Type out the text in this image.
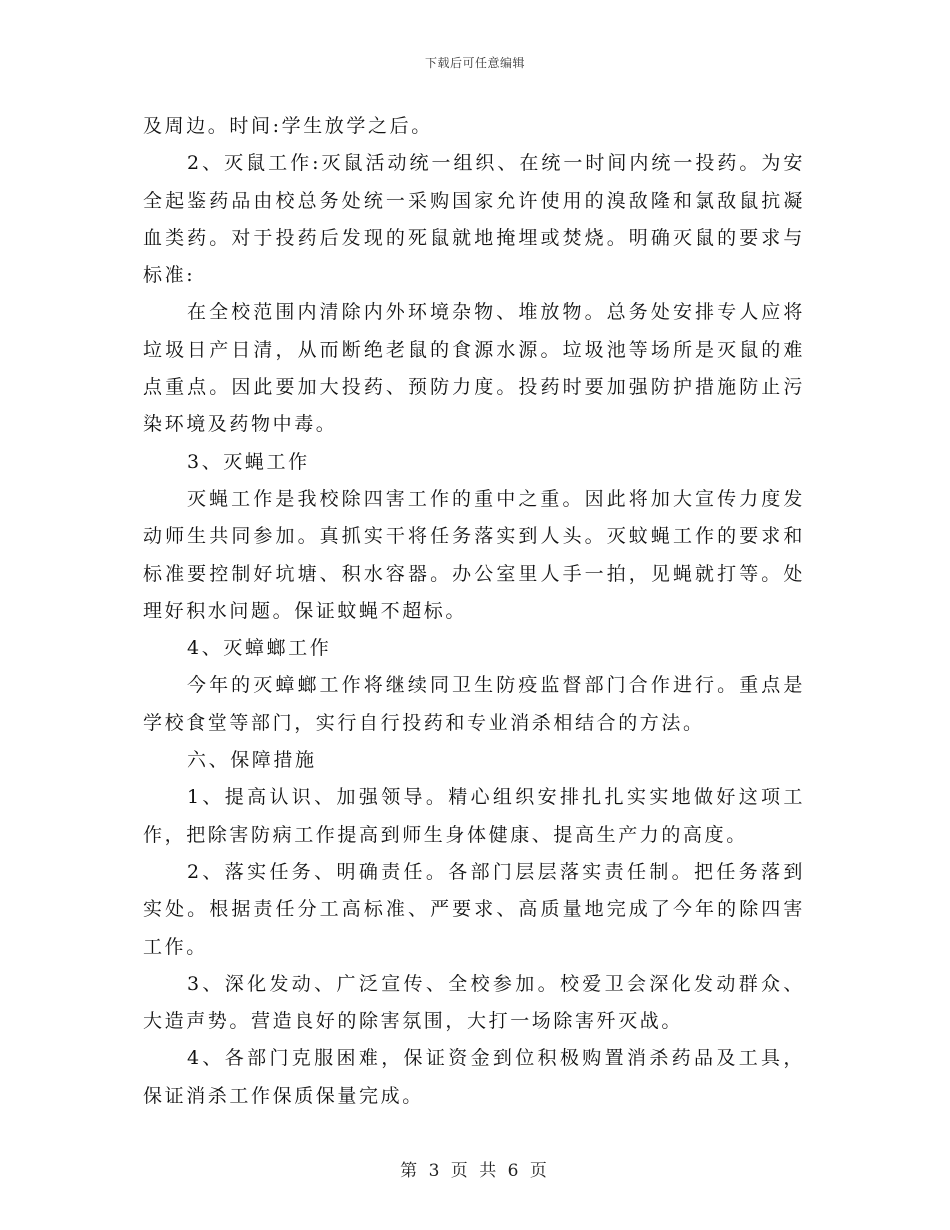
下载后可任意编辑

及周边。时间:学生放学之后。

2、灭鼠工作:灭鼠活动统一组织、在统一时间内统一投药。为安全起鉴药品由校总务处统一采购国家允许使用的溴敌隆和氯敌鼠抗凝血类药。对于投药后发现的死鼠就地掩埋或焚烧。明确灭鼠的要求与标准:

在全校范围内清除内外环境杂物、堆放物。总务处安排专人应将垃圾日产日清，从而断绝老鼠的食源水源。垃圾池等场所是灭鼠的难点重点。因此要加大投药、预防力度。投药时要加强防护措施防止污染环境及药物中毒。

3、灭蝇工作

灭蝇工作是我校除四害工作的重中之重。因此将加大宣传力度发动师生共同参加。真抓实干将任务落实到人头。灭蚊蝇工作的要求和标准要控制好坑塘、积水容器。办公室里人手一拍，见蝇就打等。处理好积水问题。保证蚊蝇不超标。

4、灭蟑螂工作

今年的灭蟑螂工作将继续同卫生防疫监督部门合作进行。重点是学校食堂等部门，实行自行投药和专业消杀相结合的方法。

六、保障措施

1、提高认识、加强领导。精心组织安排扎扎实实地做好这项工作，把除害防病工作提高到师生身体健康、提高生产力的高度。

2、落实任务、明确责任。各部门层层落实责任制。把任务落到实处。根据责任分工高标准、严要求、高质量地完成了今年的除四害工作。

3、深化发动、广泛宣传、全校参加。校爱卫会深化发动群众、大造声势。营造良好的除害氛围，大打一场除害歼灭战。

4、各部门克服困难，保证资金到位积极购置消杀药品及工具，保证消杀工作保质保量完成。

第 3 页 共 6 页
